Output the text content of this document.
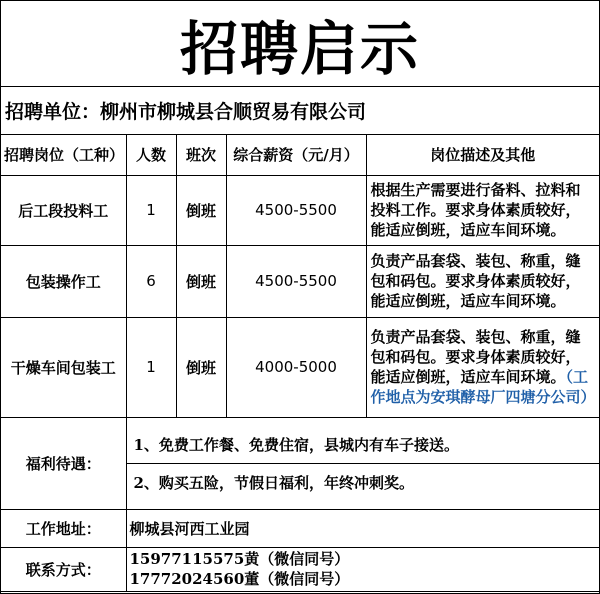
招聘启示
招聘单位：柳州市柳城县合顺贸易有限公司
招聘岗位（工种）	人数	班次	综合薪资（元/月）	岗位描述及其他
后工段投料工	1	倒班	4500-5500	根据生产需要进行备料、拉料和投料工作。要求身体素质较好，能适应倒班，适应车间环境。
包装操作工	6	倒班	4500-5500	负责产品套袋、装包、称重，缝包和码包。要求身体素质较好，能适应倒班，适应车间环境。
干燥车间包装工	1	倒班	4000-5000	负责产品套袋、装包、称重，缝包和码包。要求身体素质较好，能适应倒班，适应车间环境。（工作地点为安琪酵母厂四塘分公司）
福利待遇：	1、免费工作餐、免费住宿，县城内有车子接送。
2、购买五险，节假日福利，年终冲刺奖。			

工作地址：	柳城县河西工业园			
联系方式：	15977115575黄（微信同号）
17772024560董（微信同号）			
